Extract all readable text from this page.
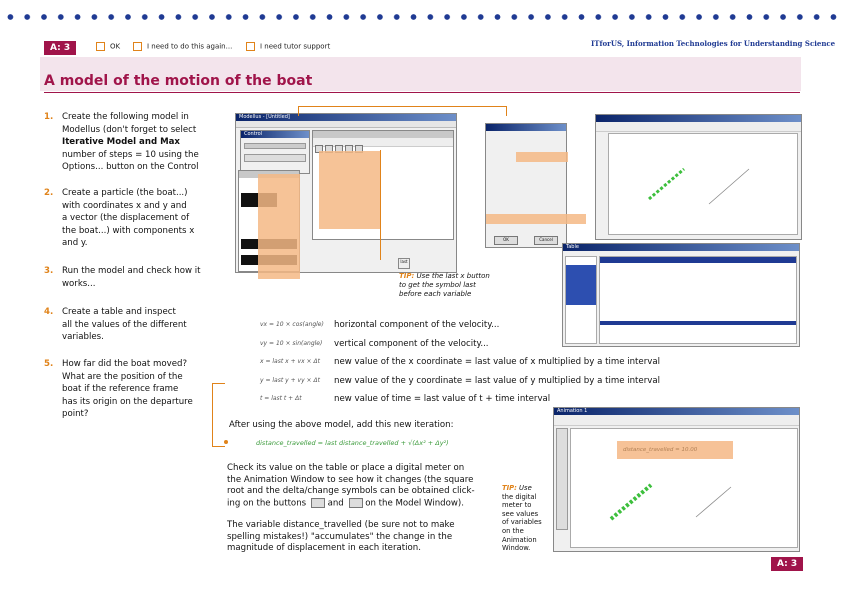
A: 3	OK	I need to do this again...	I need tutor support	ITforUS, Information Technologies for Understanding Science
A model of the motion of the boat
1. Create the following model in
Modellus (don't forget to select
Iterative Model and Max
number of steps = 10 using the
Options... button on the Control
2. Create a particle (the boat...)
with coordinates x and y and
a vector (the displacement of
the boat...) with components x
and y.
3. Run the model and check how it
works...
4. Create a table and inspect
all the values of the different
variables.
5. How far did the boat moved?
What are the position of the
boat if the reference frame
has its origin on the departure
point?
Modellus - [Untitled]
Control
OK	Cancel
last
TIP: Use the last x button
to get the symbol last
before each variable
Table
vx = 10 × cos(angle) horizontal component of the velocity...
vy = 10 × sin(angle) vertical component of the velocity...
x = last x + vx × Δt new value of the x coordinate = last value of x multiplied by a time interval
y = last y + vy × Δt new value of the y coordinate = last value of y multiplied by a time interval
t = last t + Δt	new value of time = last value of t + time interval
After using the above model, add this new iteration:
distance_travelled = last distance_travelled + √(Δx² + Δy²)
Check its value on the table or place a digital meter on
the Animation Window to see how it changes (the square
root and the delta/change symbols can be obtained click-
ing on the buttons and on the Model Window).
The variable distance_travelled (be sure not to make
spelling mistakes!) "accumulates" the change in the
magnitude of displacement in each iteration.
TIP: Use
the digital
meter to
see values
of variables
on the
Animation
Window.
Animation 1
distance_travelled = 10.00
A: 3
